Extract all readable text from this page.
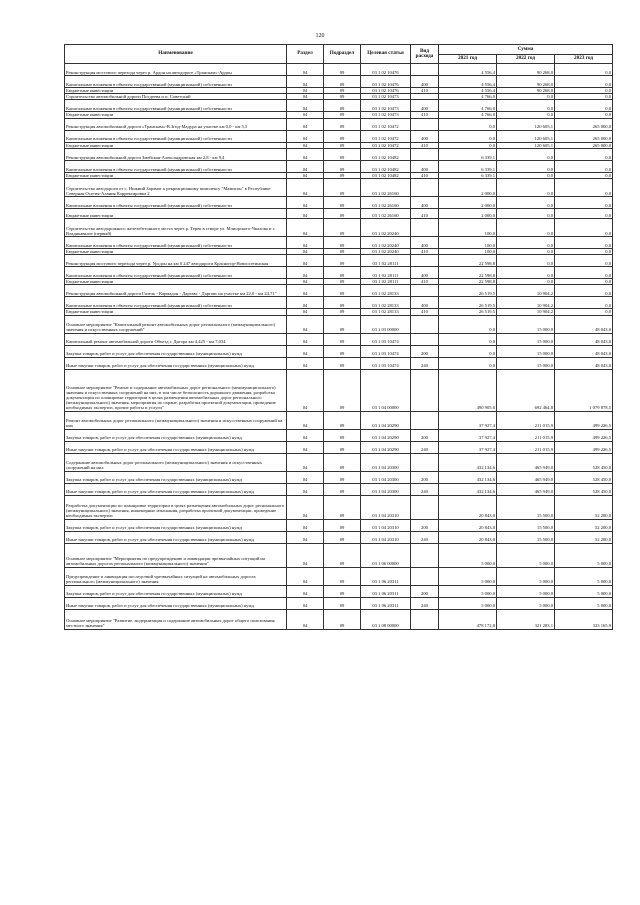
120
Наименование	Раздел	Подраздел	Целевая статья	Вид расхода	Сумма		
					2021 год	2022 год	2023 год
Реконструкция мостового перехода через р. Ардон на автодороге «Транскам»-Ардон	04	09	03 1 02 10476		4 556,4	90 268,0	0,0
Капитальные вложения в объекты государственной (муниципальной) собственности	04	09	03 1 02 10476	400	4 556,4	90 268,0	0,0
Бюджетные инвестиции	04	09	03 1 02 10476	410	4 556,4	90 268,0	0,0
Строительство автомобильной дороги Посдеева и п. Советский	04	09	03 1 02 10473		4 766,0	0,0	0,0
Капитальные вложения в объекты государственной (муниципальной) собственности	04	09	03 1 02 10473	400	4 766,0	0,0	0,0
Бюджетные инвестиции	04	09	03 1 02 10473	410	4 766,0	0,0	0,0
Реконструкция автомобильной дороги «Транскам»-В.Згид-Мадура на участке км 0,0 - км 5,5	04	09	03 1 02 10472		0,0	120 605,1	265 000,0
Капитальные вложения в объекты государственной (муниципальной) собственности	04	09	03 1 02 10472	400	0,0	120 605,1	265 000,0
Бюджетные инвестиции	04	09	03 1 02 10472	410	0,0	120 605,1	265 000,0
Реконструкция автомобильной дороги Змейская-Александровская км 2,8 - км 9,4	04	09	03 1 02 10482		6 339,1	0,0	0,0
Капитальные вложения в объекты государственной (муниципальной) собственности	04	09	03 1 02 10482	400	6 339,1	0,0	0,0
Бюджетные инвестиции	04	09	03 1 02 10482	410	6 339,1	0,0	0,0
Строительство автодороги от с. Нижний Зарамаг к рекреационному комплексу "Мамисон" в Республике Северная Осетия-Алания Корректировка 2	04	09	03 1 02 26160		2 000,0	0,0	0,0
Капитальные вложения в объекты государственной (муниципальной) собственности	04	09	03 1 02 26160	400	2 000,0	0,0	0,0
Бюджетные инвестиции	04	09	03 1 02 26160	410	2 000,0	0,0	0,0
Строительство автодорожного железобетонного моста через р. Терек в створе ул. Млиорского-Чкалова и г. Владикавказе (первый)	04	09	03 1 02 20240		100,0	0,0	0,0
Капитальные вложения в объекты государственной (муниципальной) собственности	04	09	03 1 02 20240	400	100,0	0,0	0,0
Бюджетные инвестиции	04	09	03 1 02 20240	410	100,0	0,0	0,0
Реконструкция мостового перехода через р. Урсдон на км 0 247 автодороги Красногор-Новоосетинская	04	09	03 1 02 28111		22 598,8	0,0	0,0
Капитальные вложения в объекты государственной (муниципальной) собственности	04	09	03 1 02 28111	400	22 598,8	0,0	0,0
Бюджетные инвестиции	04	09	03 1 02 28111	410	22 598,8	0,0	0,0
Реконструкция автомобильной дороги Гизель - Кармадон - Даргавс - Даргавс на участке км 22,0 - км 24,71"	04	09	03 1 02 28133		26 519,5	10 904,2	0,0
Капитальные вложения в объекты государственной (муниципальной) собственности	04	09	03 1 02 28133	400	26 519,5	10 904,2	0,0
Бюджетные инвестиции	04	09	03 1 02 28133	410	26 519,5	10 904,2	0,0
Основное мероприятие "Капитальный ремонт автомобильных дорог регионального (межмуниципального) значения и искусственных сооружений"	04	09	03 1 03 00000		0,0	15 000,0	48 043,0
Капитальный ремонт автомобильной дороги Объезд г. Дигора км 4,425 - км 7,034	04	09	03 1 03 10474		0,0	15 000,0	48 043,0
Закупка товаров, работ и услуг для обеспечения государственных (муниципальных) нужд	04	09	03 1 03 10474	200	0,0	15 000,0	48 043,0
Иные закупки товаров, работ и услуг для обеспечения государственных (муниципальных) нужд	04	09	03 1 03 10474	240	0,0	15 000,0	48 043,0
Основное мероприятие "Ремонт и содержание автомобильных дорог регионального (межмуниципального) значения и искусственных сооружений на них, в том числе безопасность дорожного движения, разработка документации по планировке территории в целях размещения автомобильных дорог регионального (межмуниципального) значения, мероприятия по охране, разработка проектной документации, проведение необходимых экспертиз, прочие работы и услуги"	04	09	03 1 04 00000		490 905,0	692 464,8	1 079 878,5
Ремонт автомобильных дорог регионального (межмуниципального) значения и искусственных сооружений на них	04	09	03 1 04 20290		37 927,4	211 015,9	499 226,5
Закупка товаров, работ и услуг для обеспечения государственных (муниципальных) нужд	04	09	03 1 04 20290	200	37 927,4	211 015,9	499 226,5
Иные закупки товаров, работ и услуг для обеспечения государственных (муниципальных) нужд	04	09	03 1 04 20290	240	37 927,4	211 015,9	499 226,5
Содержание автомобильных дорог регионального (межмуниципального) значения и искусственных сооружений на них	04	09	03 1 04 20300		432 134,6	465 949,0	528 450,0
Закупка товаров, работ и услуг для обеспечения государственных (муниципальных) нужд	04	09	03 1 04 20300	200	432 134,6	465 949,0	528 450,0
Иные закупки товаров, работ и услуг для обеспечения государственных (муниципальных) нужд	04	09	03 1 04 20300	240	432 134,6	465 949,0	528 450,0
Разработка документации по планировке территории в целях размещения автомобильных дорог регионального (межмуниципального) значения, инженерные изыскания, разработка проектной документации, проведение необходимых экспертиз	04	09	03 1 04 20310		20 843,0	15 500,0	52 200,0
Закупка товаров, работ и услуг для обеспечения государственных (муниципальных) нужд	04	09	03 1 04 20310	200	20 843,0	15 500,0	52 200,0
Иные закупки товаров, работ и услуг для обеспечения государственных (муниципальных) нужд	04	09	03 1 04 20310	240	20 843,0	15 500,0	52 200,0
Основное мероприятие "Мероприятия по предупреждению и ликвидации чрезвычайных ситуаций на автомобильных дорогах регионального (межмуниципального) значения"	04	09	03 1 06 00000		5 000,0	5 000,0	5 000,0
Предупреждение и ликвидация последствий чрезвычайных ситуаций на автомобильных дорогах регионального (межмуниципального) значения	04	09	03 1 06 20311		5 000,0	5 000,0	5 000,0
Закупка товаров, работ и услуг для обеспечения государственных (муниципальных) нужд	04	09	03 1 06 20311	200	5 000,0	5 000,0	5 000,0
Иные закупки товаров, работ и услуг для обеспечения государственных (муниципальных) нужд	04	09	03 1 06 20311	240	5 000,0	5 000,0	5 000,0
Основное мероприятие "Развитие, модернизация и содержание автомобильных дорог общего пользования местного значения"	04	09	03 1 08 00000		478 172,8	321 283,1	323 165,9
